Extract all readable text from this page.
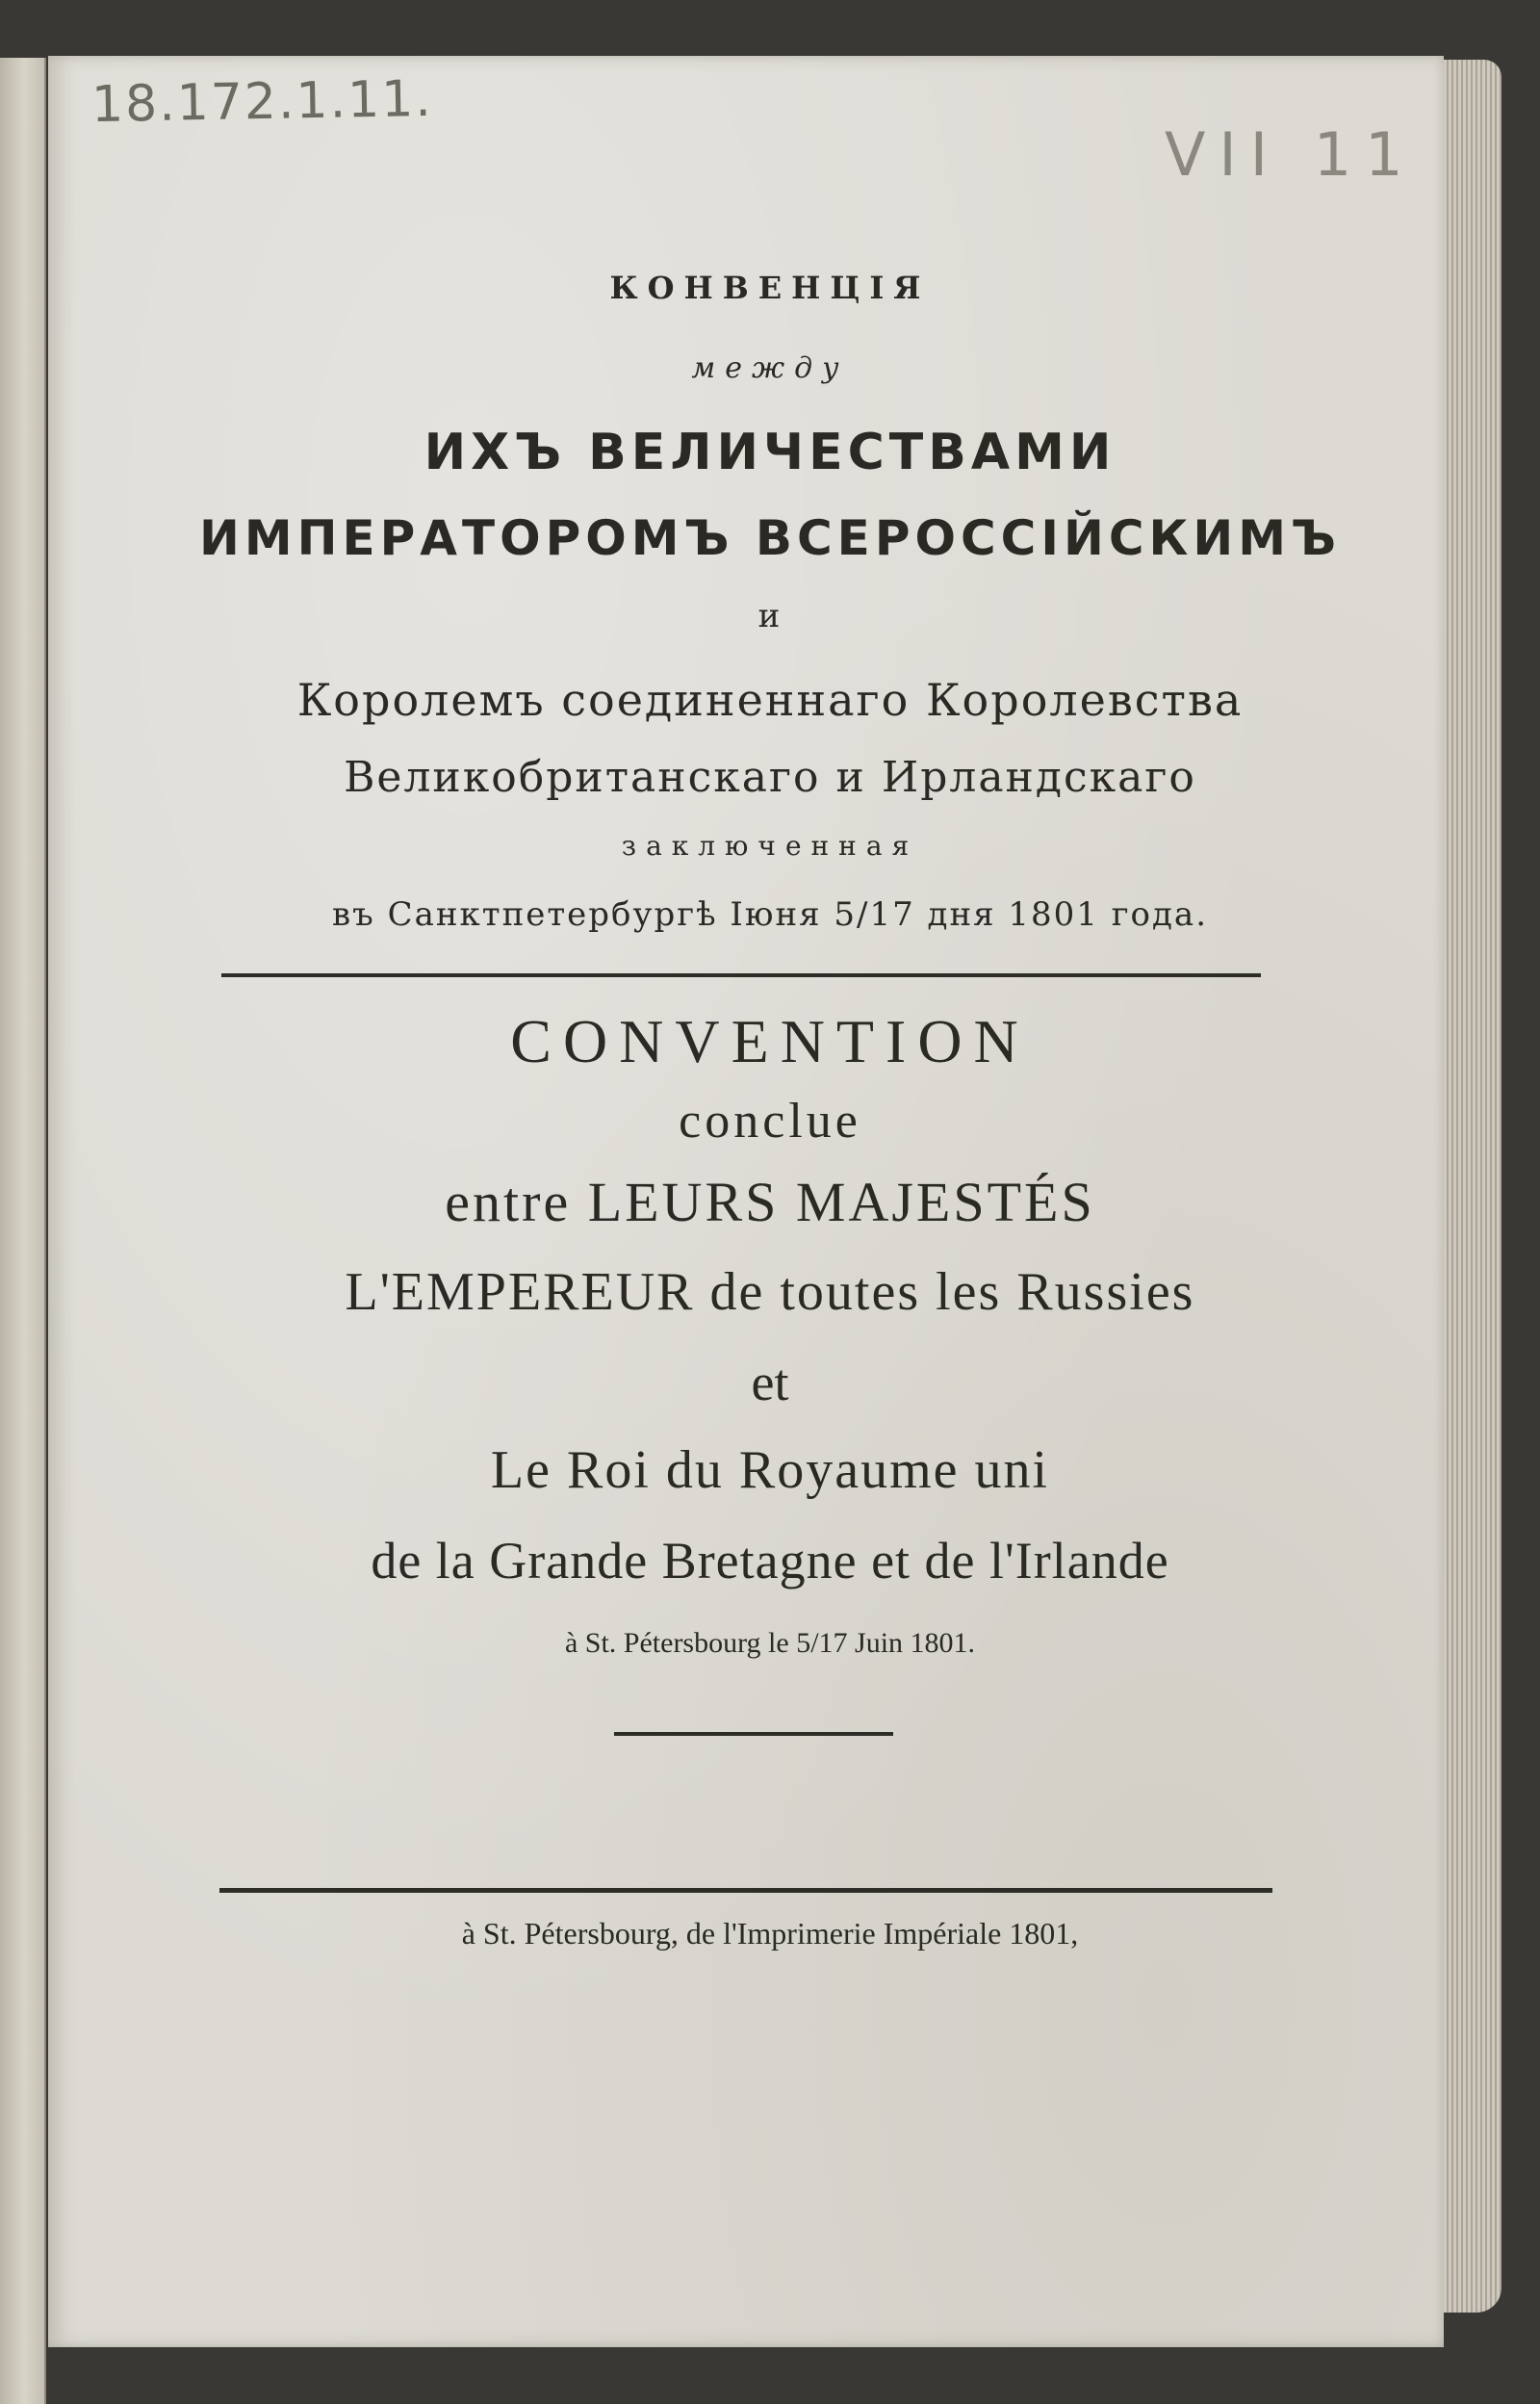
18.172.1.11.
VII 11
КОНВЕНЦІЯ
между
ИХЪ ВЕЛИЧЕСТВАМИ
ИМПЕРАТОРОМЪ ВСЕРОССІЙСКИМЪ
и
Королемъ соединеннаго Королевства
Великобританскаго и Ирландскаго
заключенная
въ Санктпетербургѣ Іюня 5/17 дня 1801 года.
CONVENTION
conclue
entre LEURS MAJESTÉS
L'EMPEREUR de toutes les Russies
et
Le Roi du Royaume uni
de la Grande Bretagne et de l'Irlande
à St. Pétersbourg le 5/17 Juin 1801.
à St. Pétersbourg, de l'Imprimerie Impériale 1801,
